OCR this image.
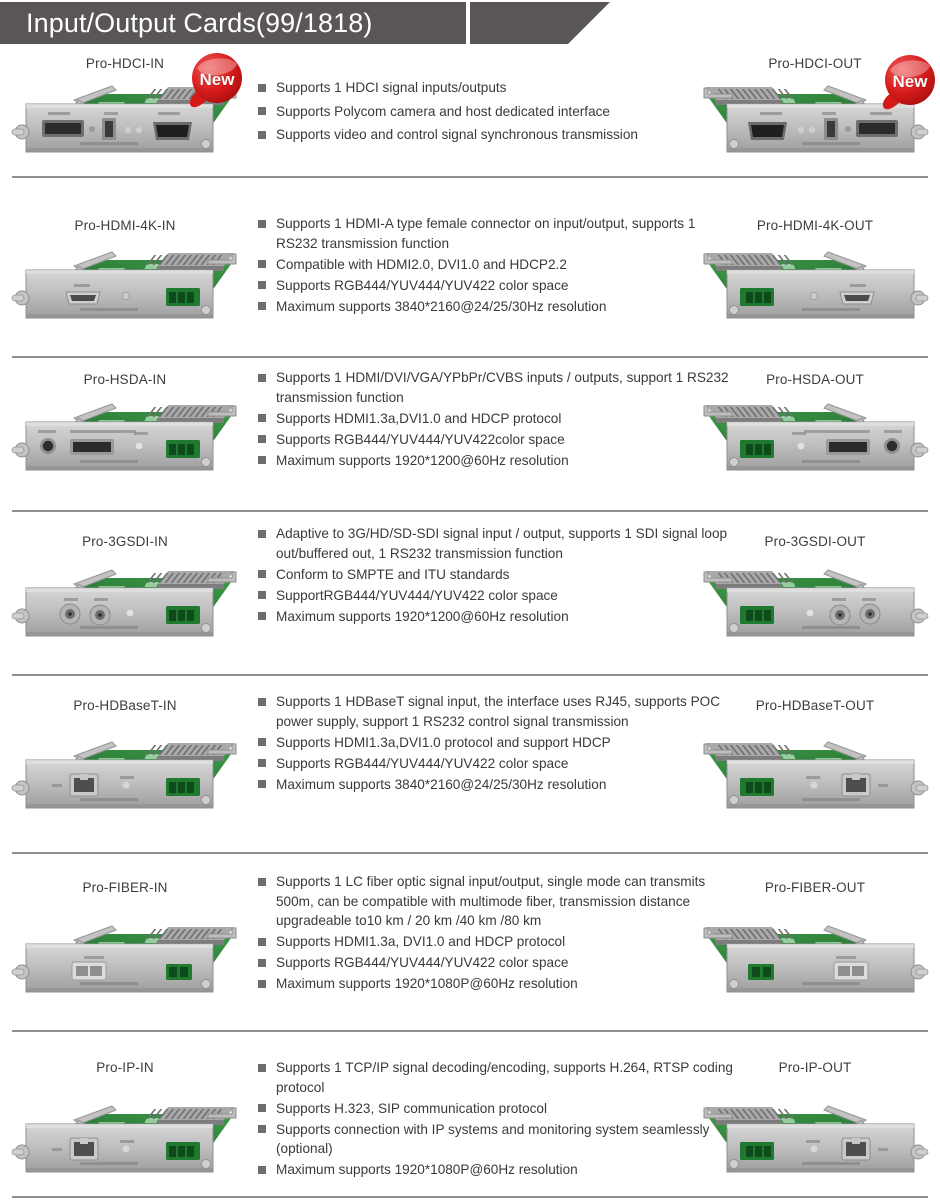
Input/Output Cards(99/1818)
Pro-HDCI-IN
New
Pro-HDCI-OUT
New
Supports 1 HDCI signal inputs/outputs
Supports Polycom camera and host dedicated interface
Supports video and control signal synchronous transmission
Pro-HDMI-4K-IN	Pro-HDMI-4K-OUT
Supports 1 HDMI-A type female connector on input/output, supports 1 RS232 transmission function
Compatible with HDMI2.0, DVI1.0 and HDCP2.2
Supports RGB444/YUV444/YUV422 color space
Maximum supports 3840*2160@24/25/30Hz resolution
Pro-HSDA-IN	Pro-HSDA-OUT
Supports 1 HDMI/DVI/VGA/YPbPr/CVBS inputs / outputs, support 1 RS232 transmission function
Supports HDMI1.3a,DVI1.0 and HDCP protocol
Supports RGB444/YUV444/YUV422color space
Maximum supports 1920*1200@60Hz resolution
Pro-3GSDI-IN	Pro-3GSDI-OUT
Adaptive to 3G/HD/SD-SDI signal input / output, supports 1 SDI signal loop out/buffered out, 1 RS232 transmission function
Conform to SMPTE and ITU standards
SupportRGB444/YUV444/YUV422 color space
Maximum supports 1920*1200@60Hz resolution
Pro-HDBaseT-IN	Pro-HDBaseT-OUT
Supports 1 HDBaseT signal input, the interface uses RJ45, supports POC power supply, support 1 RS232 control signal transmission
Supports HDMI1.3a,DVI1.0 protocol and support HDCP
Supports RGB444/YUV444/YUV422 color space
Maximum supports 3840*2160@24/25/30Hz resolution
Pro-FIBER-IN	Pro-FIBER-OUT
Supports 1 LC fiber optic signal input/output, single mode can transmits 500m, can be compatible with multimode fiber, transmission distance upgradeable to10 km / 20 km /40 km /80 km
Supports HDMI1.3a, DVI1.0 and HDCP protocol
Supports RGB444/YUV444/YUV422 color space
Maximum supports 1920*1080P@60Hz resolution
Pro-IP-IN	Pro-IP-OUT
Supports 1 TCP/IP signal decoding/encoding, supports H.264, RTSP coding protocol
Supports H.323, SIP communication protocol
Supports connection with IP systems and monitoring system seamlessly (optional)
Maximum supports 1920*1080P@60Hz resolution
